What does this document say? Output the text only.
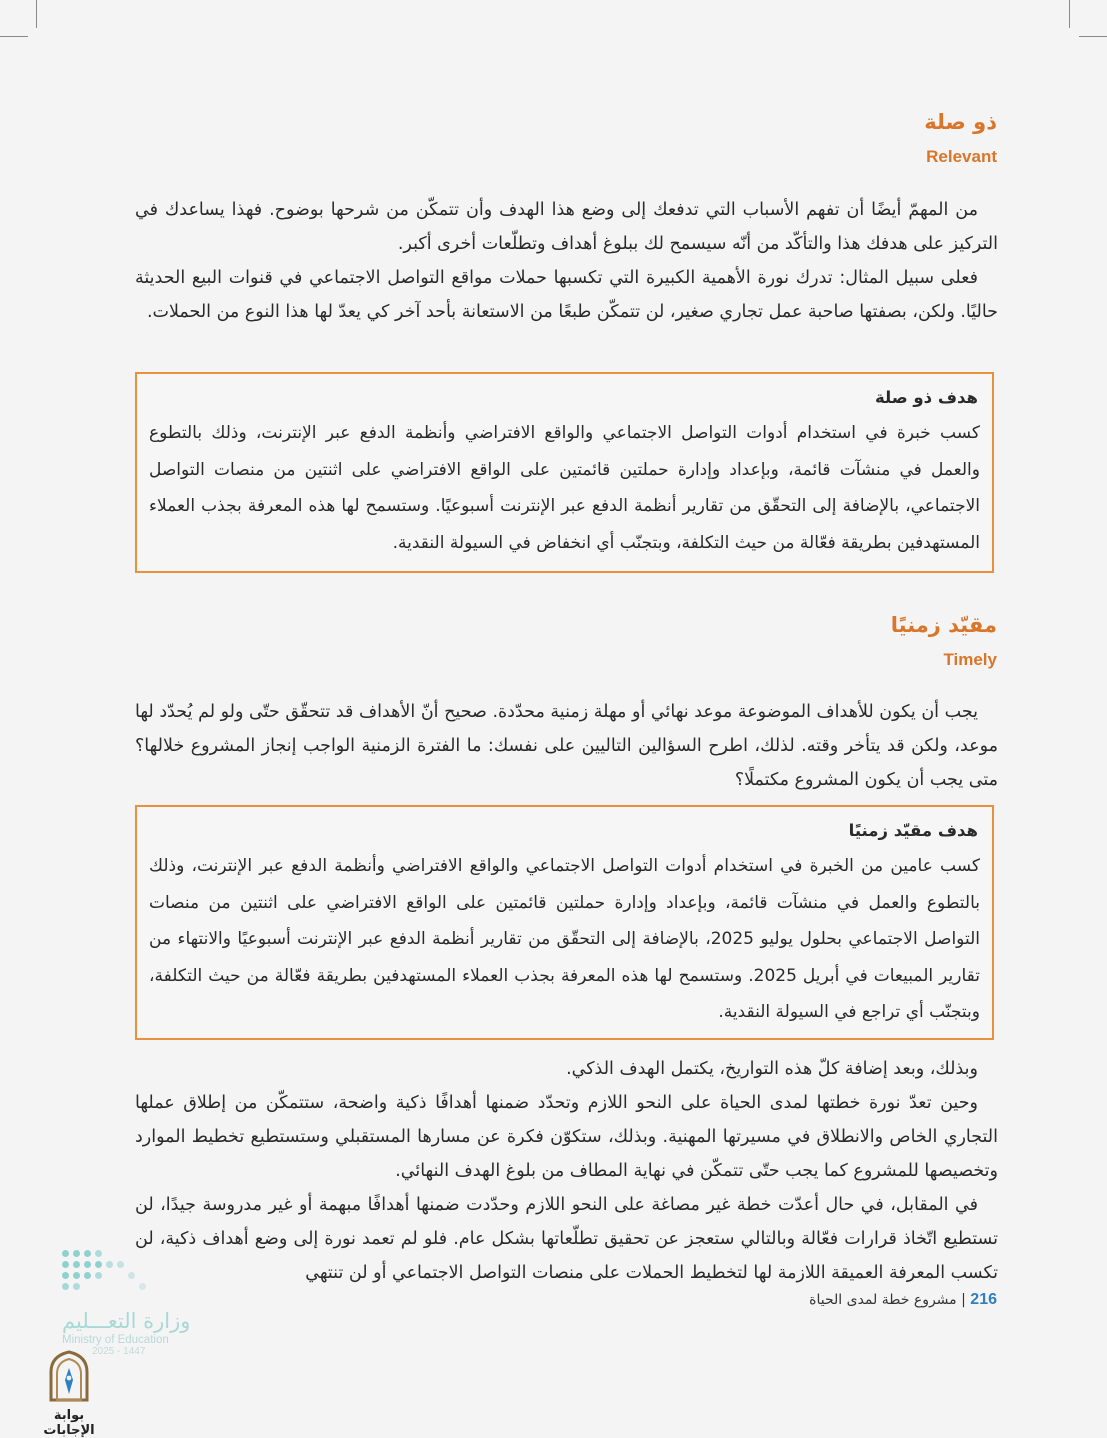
ذو صلة
Relevant

من المهمّ أيضًا أن تفهم الأسباب التي تدفعك إلى وضع هذا الهدف وأن تتمكّن من شرحها بوضوح. فهذا يساعدك في التركيز على هدفك هذا والتأكّد من أنّه سيسمح لك ببلوغ أهداف وتطلّعات أخرى أكبر.

فعلى سبيل المثال: تدرك نورة الأهمية الكبيرة التي تكسبها حملات مواقع التواصل الاجتماعي في قنوات البيع الحديثة حاليًا. ولكن، بصفتها صاحبة عمل تجاري صغير، لن تتمكّن طبعًا من الاستعانة بأحد آخر كي يعدّ لها هذا النوع من الحملات.

هدف ذو صلة

كسب خبرة في استخدام أدوات التواصل الاجتماعي والواقع الافتراضي وأنظمة الدفع عبر الإنترنت، وذلك بالتطوع والعمل في منشآت قائمة، وبإعداد وإدارة حملتين قائمتين على الواقع الافتراضي على اثنتين من منصات التواصل الاجتماعي، بالإضافة إلى التحقّق من تقارير أنظمة الدفع عبر الإنترنت أسبوعيًا. وستسمح لها هذه المعرفة بجذب العملاء المستهدفين بطريقة فعّالة من حيث التكلفة، وبتجنّب أي انخفاض في السيولة النقدية.

مقيّد زمنيًا
Timely

يجب أن يكون للأهداف الموضوعة موعد نهائي أو مهلة زمنية محدّدة. صحيح أنّ الأهداف قد تتحقّق حتّى ولو لم يُحدّد لها موعد، ولكن قد يتأخر وقته. لذلك، اطرح السؤالين التاليين على نفسك: ما الفترة الزمنية الواجب إنجاز المشروع خلالها؟ متى يجب أن يكون المشروع مكتملًا؟

هدف مقيّد زمنيًا

كسب عامين من الخبرة في استخدام أدوات التواصل الاجتماعي والواقع الافتراضي وأنظمة الدفع عبر الإنترنت، وذلك بالتطوع والعمل في منشآت قائمة، وبإعداد وإدارة حملتين قائمتين على الواقع الافتراضي على اثنتين من منصات التواصل الاجتماعي بحلول يوليو 2025، بالإضافة إلى التحقّق من تقارير أنظمة الدفع عبر الإنترنت أسبوعيًا والانتهاء من تقارير المبيعات في أبريل 2025. وستسمح لها هذه المعرفة بجذب العملاء المستهدفين بطريقة فعّالة من حيث التكلفة، وبتجنّب أي تراجع في السيولة النقدية.

وبذلك، وبعد إضافة كلّ هذه التواريخ، يكتمل الهدف الذكي.

وحين تعدّ نورة خطتها لمدى الحياة على النحو اللازم وتحدّد ضمنها أهدافًا ذكية واضحة، ستتمكّن من إطلاق عملها التجاري الخاص والانطلاق في مسيرتها المهنية. وبذلك، ستكوّن فكرة عن مسارها المستقبلي وستستطيع تخطيط الموارد وتخصيصها للمشروع كما يجب حتّى تتمكّن في نهاية المطاف من بلوغ الهدف النهائي.

في المقابل، في حال أعدّت خطة غير مصاغة على النحو اللازم وحدّدت ضمنها أهدافًا مبهمة أو غير مدروسة جيدًا، لن تستطيع اتّخاذ قرارات فعّالة وبالتالي ستعجز عن تحقيق تطلّعاتها بشكل عام. فلو لم تعمد نورة إلى وضع أهداف ذكية، لن تكسب المعرفة العميقة اللازمة لها لتخطيط الحملات على منصات التواصل الاجتماعي أو لن تنتهي

216 | مشروع خطة لمدى الحياة
وزارة التعـــليم
Ministry of Education
2025 - 1447
بوابة الإجابات
